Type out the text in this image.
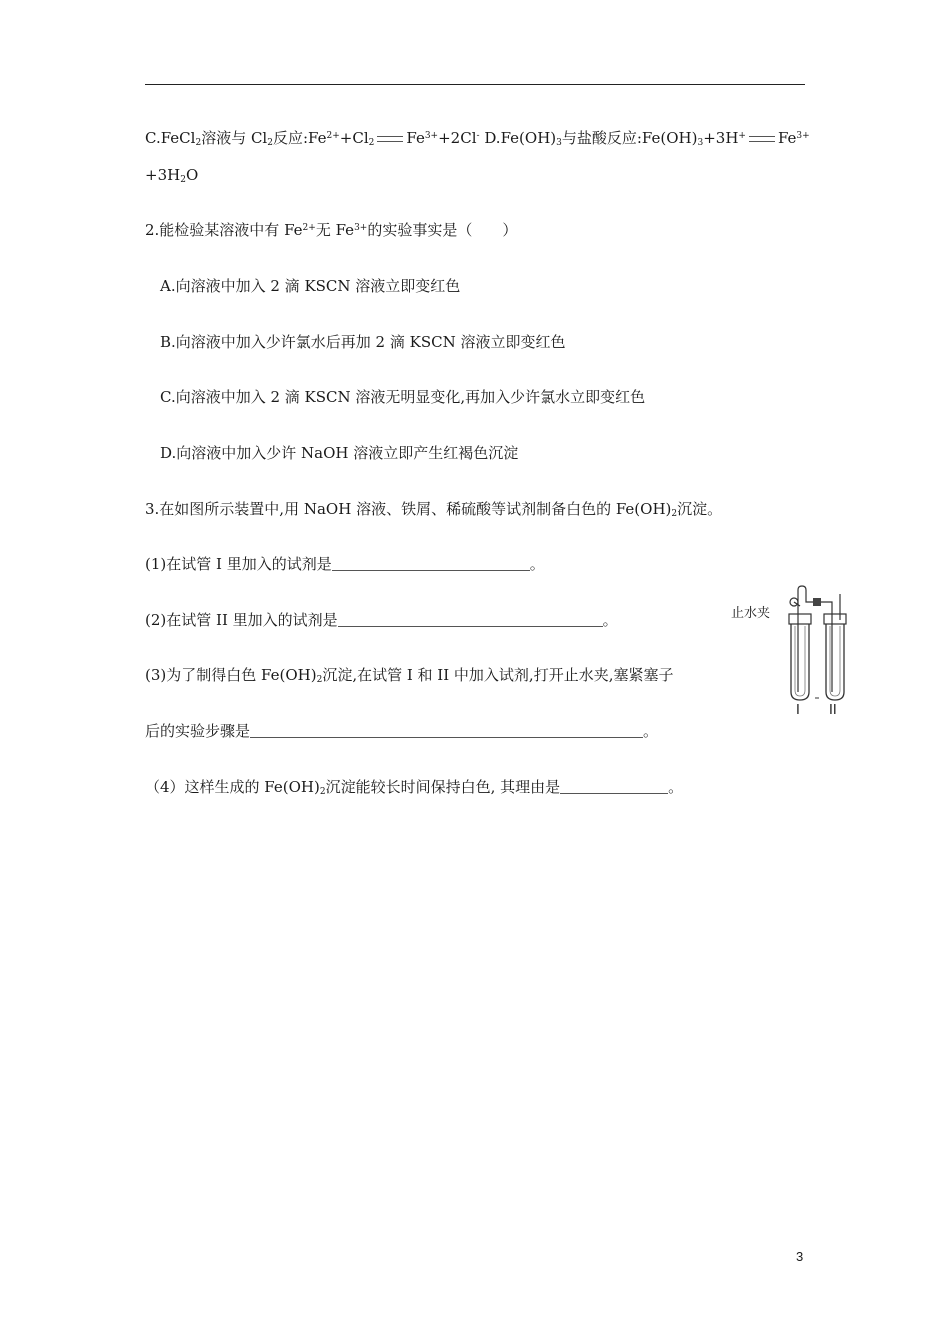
C.FeCl$_2$溶液与 $Cl_2$反应$:Fe^{2+}+Cl_2$ $Fe^{3+}+2Cl^-$ $D.Fe(OH)_3$与盐酸反应$:Fe(OH)_3+3H^+$ $Fe^{3+}$
$+3H_2O$
2.能检验某溶液中有 $Fe^{2+}$无 $Fe^{3+}$的实验事实是（　　）
A.向溶液中加入 2 滴 KSCN 溶液立即变红色
B.向溶液中加入少许氯水后再加 2 滴 KSCN 溶液立即变红色
C.向溶液中加入 2 滴 KSCN 溶液无明显变化,再加入少许氯水立即变红色
D.向溶液中加入少许 NaOH 溶液立即产生红褐色沉淀
3.在如图所示装置中,用 NaOH 溶液、铁屑、稀硫酸等试剂制备白色的 $Fe(OH)_2$沉淀。
(1)在试管 I 里加入的试剂是	。
(2)在试管 II 里加入的试剂是	。
(3)为了制得白色 $Fe(OH)_2$沉淀,在试管 I 和 II 中加入试剂,打开止水夹,塞紧塞子
后的实验步骤是	。
（4）这样生成的 $Fe(OH)_2$沉淀能较长时间保持白色, 其理由是	。
止水夹
I II
3
